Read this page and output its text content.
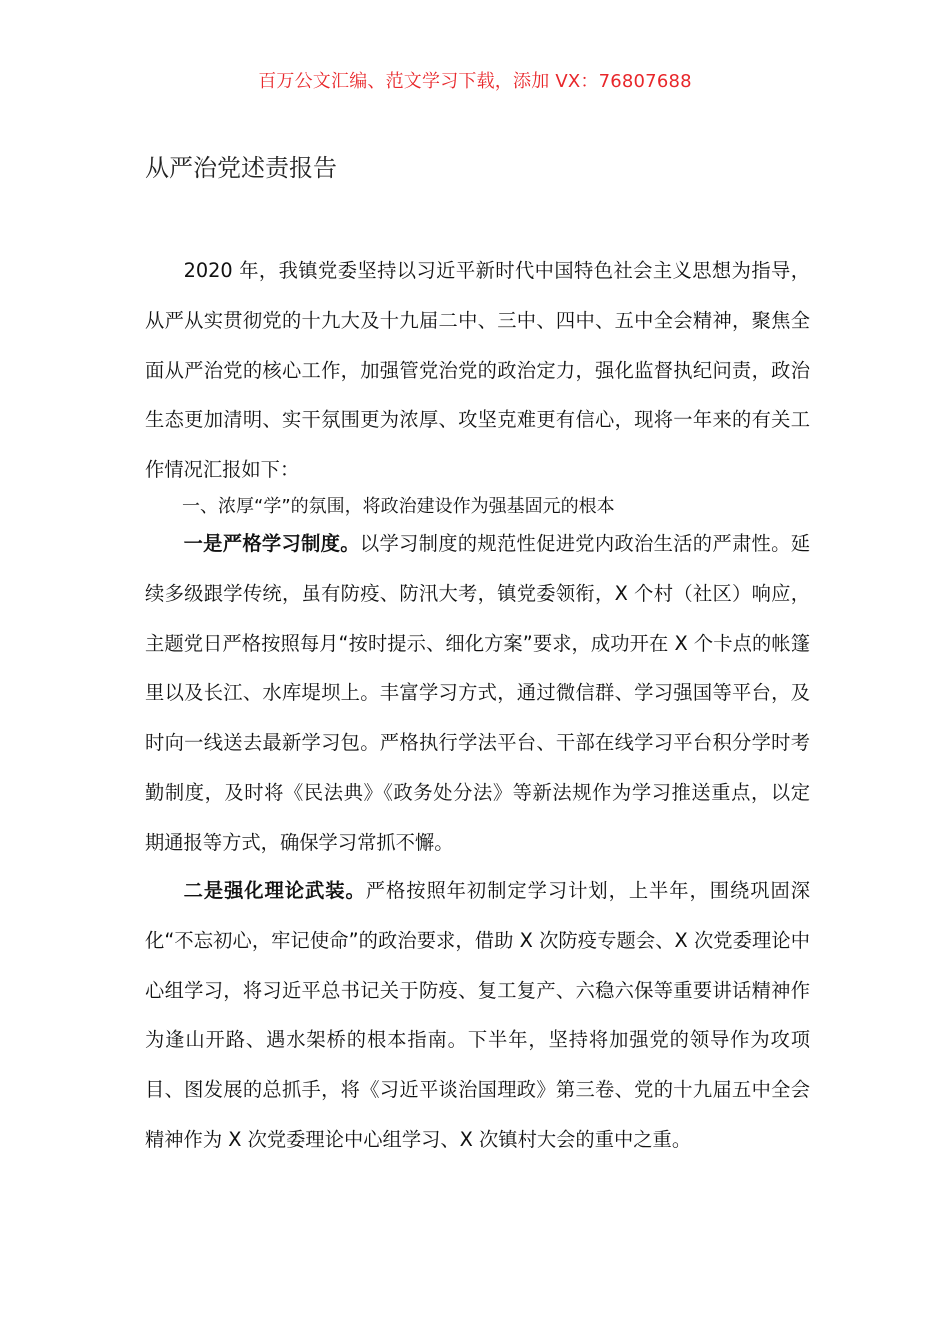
百万公文汇编、范文学习下载，添加 VX：76807688
从严治党述责报告

2020 年，我镇党委坚持以习近平新时代中国特色社会主义思想为指导，从严从实贯彻党的十九大及十九届二中、三中、四中、五中全会精神，聚焦全面从严治党的核心工作，加强管党治党的政治定力，强化监督执纪问责，政治生态更加清明、实干氛围更为浓厚、攻坚克难更有信心，现将一年来的有关工作情况汇报如下：

一、浓厚“学”的氛围，将政治建设作为强基固元的根本

一是严格学习制度。以学习制度的规范性促进党内政治生活的严肃性。延续多级跟学传统，虽有防疫、防汛大考，镇党委领衔，X 个村（社区）响应，主题党日严格按照每月“按时提示、细化方案”要求，成功开在 X 个卡点的帐篷里以及长江、水库堤坝上。丰富学习方式，通过微信群、学习强国等平台，及时向一线送去最新学习包。严格执行学法平台、干部在线学习平台积分学时考勤制度，及时将《民法典》《政务处分法》等新法规作为学习推送重点，以定期通报等方式，确保学习常抓不懈。

二是强化理论武装。严格按照年初制定学习计划，上半年，围绕巩固深化“不忘初心，牢记使命”的政治要求，借助 X 次防疫专题会、X 次党委理论中心组学习，将习近平总书记关于防疫、复工复产、六稳六保等重要讲话精神作为逢山开路、遇水架桥的根本指南。下半年，坚持将加强党的领导作为攻项目、图发展的总抓手，将《习近平谈治国理政》第三卷、党的十九届五中全会精神作为 X 次党委理论中心组学习、X 次镇村大会的重中之重。
